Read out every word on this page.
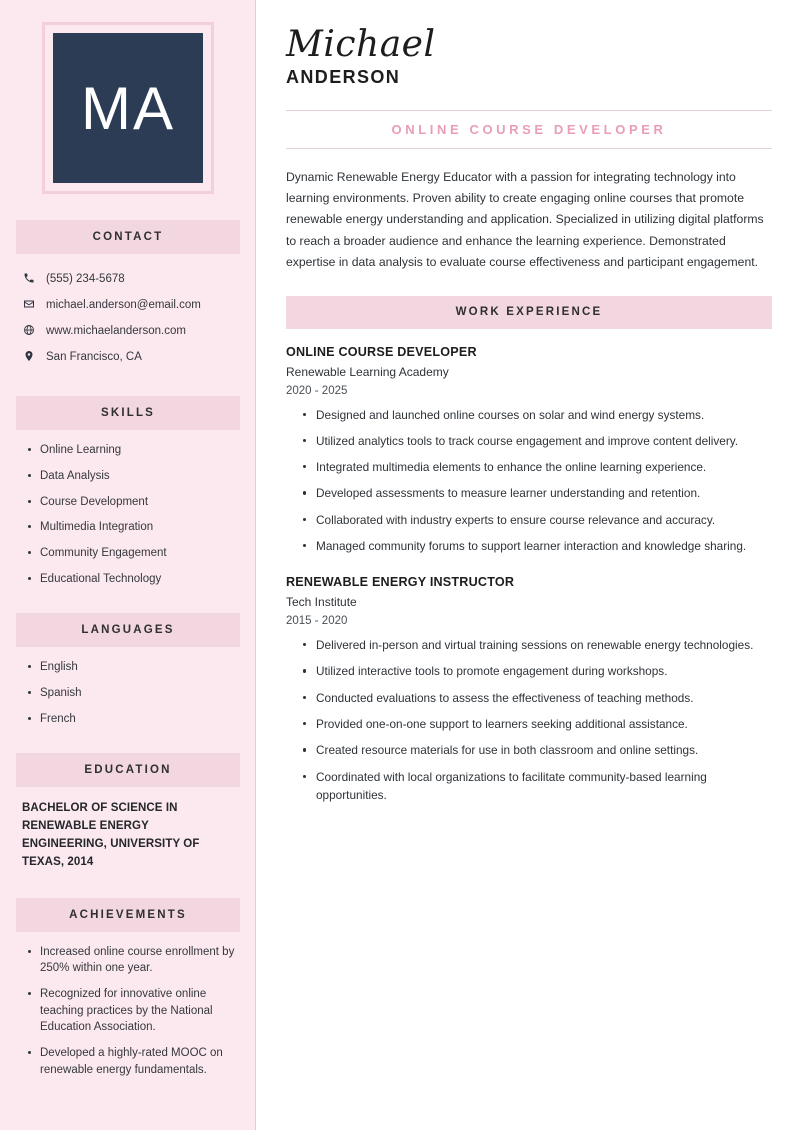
MA
CONTACT
(555) 234-5678
michael.anderson@email.com
www.michaelanderson.com
San Francisco, CA
SKILLS
Online Learning
Data Analysis
Course Development
Multimedia Integration
Community Engagement
Educational Technology
LANGUAGES
English
Spanish
French
EDUCATION
BACHELOR OF SCIENCE IN RENEWABLE ENERGY ENGINEERING, UNIVERSITY OF TEXAS, 2014
ACHIEVEMENTS
Increased online course enrollment by 250% within one year.
Recognized for innovative online teaching practices by the National Education Association.
Developed a highly-rated MOOC on renewable energy fundamentals.
Michael
ANDERSON
ONLINE COURSE DEVELOPER

Dynamic Renewable Energy Educator with a passion for integrating technology into learning environments. Proven ability to create engaging online courses that promote renewable energy understanding and application. Specialized in utilizing digital platforms to reach a broader audience and enhance the learning experience. Demonstrated expertise in data analysis to evaluate course effectiveness and participant engagement.

WORK EXPERIENCE
ONLINE COURSE DEVELOPER
Renewable Learning Academy
2020 - 2025
Designed and launched online courses on solar and wind energy systems.
Utilized analytics tools to track course engagement and improve content delivery.
Integrated multimedia elements to enhance the online learning experience.
Developed assessments to measure learner understanding and retention.
Collaborated with industry experts to ensure course relevance and accuracy.
Managed community forums to support learner interaction and knowledge sharing.
RENEWABLE ENERGY INSTRUCTOR
Tech Institute
2015 - 2020
Delivered in-person and virtual training sessions on renewable energy technologies.
Utilized interactive tools to promote engagement during workshops.
Conducted evaluations to assess the effectiveness of teaching methods.
Provided one-on-one support to learners seeking additional assistance.
Created resource materials for use in both classroom and online settings.
Coordinated with local organizations to facilitate community-based learning opportunities.
